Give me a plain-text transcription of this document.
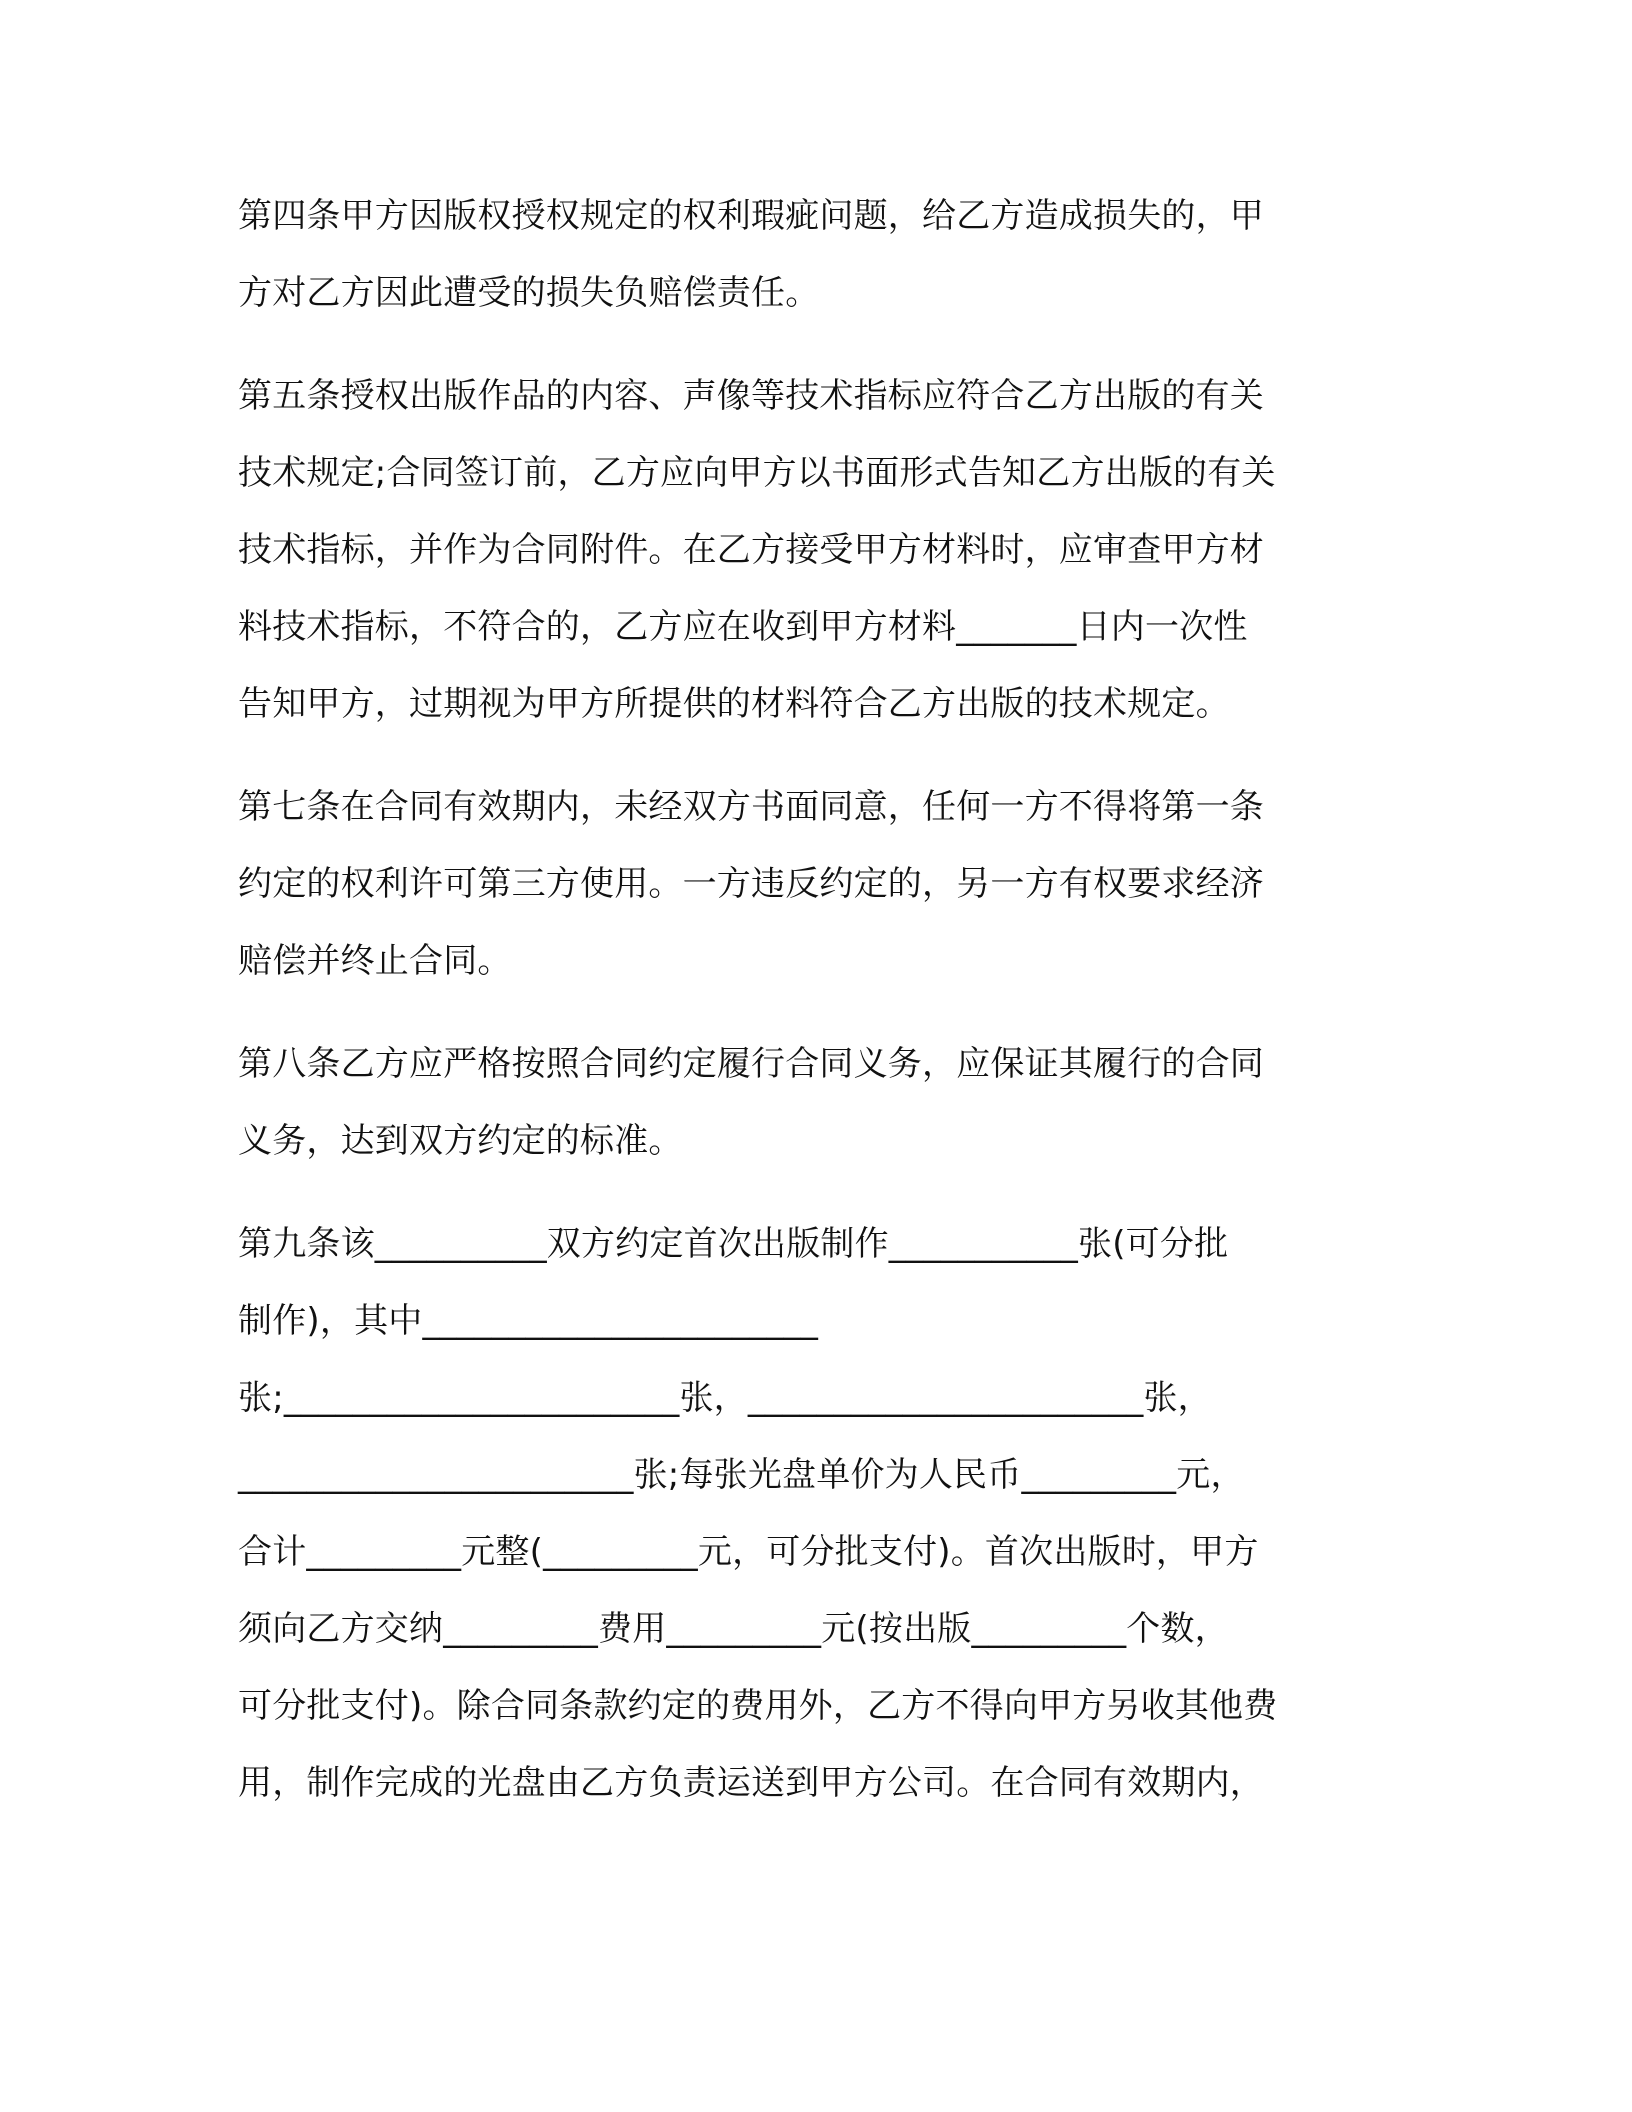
第四条甲方因版权授权规定的权利瑕疵问题，给乙方造成损失的，甲
方对乙方因此遭受的损失负赔偿责任。
第五条授权出版作品的内容、声像等技术指标应符合乙方出版的有关
技术规定;合同签订前，乙方应向甲方以书面形式告知乙方出版的有关
技术指标，并作为合同附件。在乙方接受甲方材料时，应审查甲方材
料技术指标，不符合的，乙方应在收到甲方材料_______日内一次性
告知甲方，过期视为甲方所提供的材料符合乙方出版的技术规定。
第七条在合同有效期内，未经双方书面同意，任何一方不得将第一条
约定的权利许可第三方使用。一方违反约定的，另一方有权要求经济
赔偿并终止合同。
第八条乙方应严格按照合同约定履行合同义务，应保证其履行的合同
义务，达到双方约定的标准。
第九条该__________双方约定首次出版制作___________张(可分批
制作)，其中_______________________
张;_______________________张，_______________________张，
_______________________张;每张光盘单价为人民币_________元，
合计_________元整(_________元，可分批支付)。首次出版时，甲方
须向乙方交纳_________费用_________元(按出版_________个数，
可分批支付)。除合同条款约定的费用外，乙方不得向甲方另收其他费
用，制作完成的光盘由乙方负责运送到甲方公司。在合同有效期内，
